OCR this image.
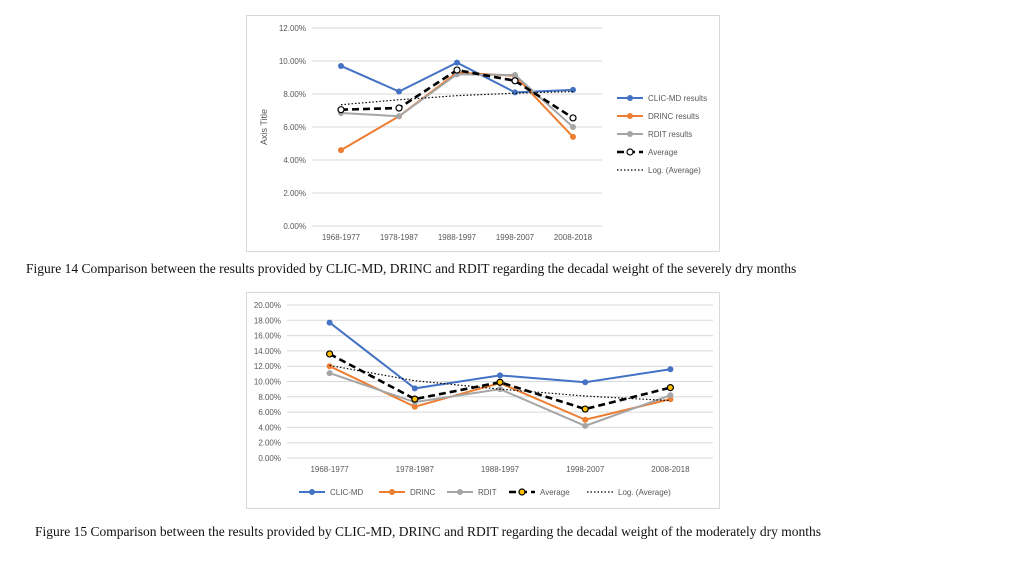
0.00%
2.00%
4.00%
6.00%
8.00%
10.00%
12.00%
1968-1977 1978-1987 1988-1997 1998-2007 2008-2018
Axis Title
CLIC-MD results
DRINC results
RDIT results
Average
Log. (Average)
Figure 14 Comparison between the results provided by CLIC-MD, DRINC and RDIT regarding the decadal weight of the severely dry months
0.00%
2.00%
4.00%
6.00%
8.00%
10.00%
12.00%
14.00%
16.00%
18.00%
20.00%
1968-1977	1978-1987	1988-1997	1998-2007	2008-2018
CLIC-MD	DRINC	RDIT	Average	Log. (Average)
Figure 15 Comparison between the results provided by CLIC-MD, DRINC and RDIT regarding the decadal weight of the moderately dry months
